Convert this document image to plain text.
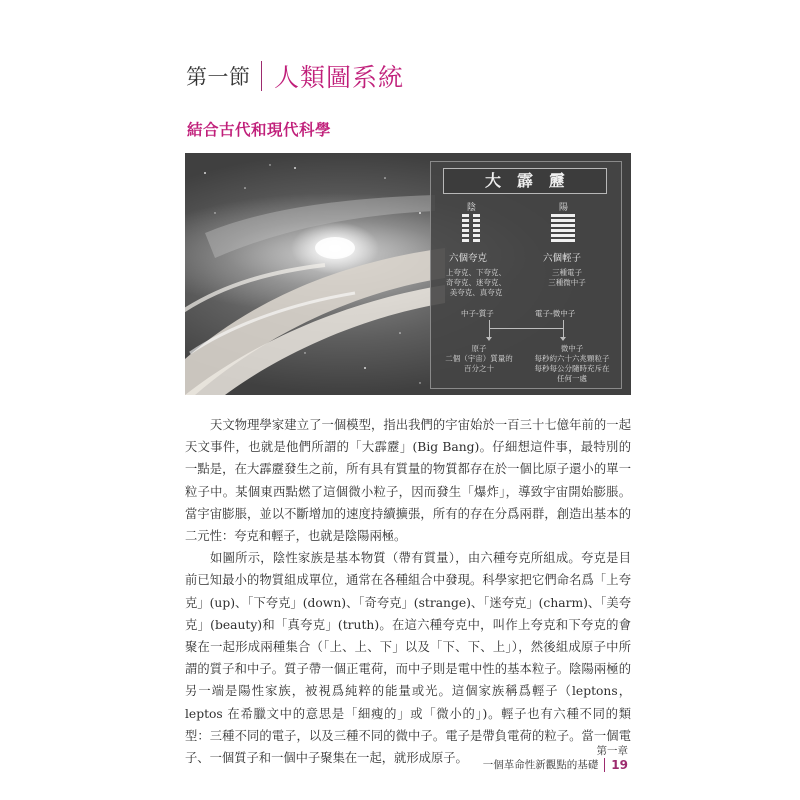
第一節 人類圖系統
結合古代和現代科學
大霹靂
陰
六個夸克
上夸克、下夸克、
奇夸克、迷夸克、
美夸克、真夸克
中子-質子
陽
六個輕子
三種電子
三種微中子
電子-微中子
原子
二個（宇宙）質量的
百分之十
微中子
每秒約六十六兆顆粒子
每秒每公分隨時充斥在
任何一處

天文物理學家建立了一個模型，指出我們的宇宙始於一百三十七億年前的一起天文事件，也就是他們所謂的「大霹靂」(Big Bang)。仔細想這件事，最特別的一點是，在大霹靂發生之前，所有具有質量的物質都存在於一個比原子還小的單一粒子中。某個東西點燃了這個微小粒子，因而發生「爆炸」，導致宇宙開始膨脹。當宇宙膨脹，並以不斷增加的速度持續擴張，所有的存在分爲兩群，創造出基本的二元性：夸克和輕子，也就是陰陽兩極。

如圖所示，陰性家族是基本物質（帶有質量），由六種夸克所組成。夸克是目前已知最小的物質組成單位，通常在各種組合中發現。科學家把它們命名爲「上夸克」(up)、「下夸克」(down)、「奇夸克」(strange)、「迷夸克」(charm)、「美夸克」(beauty)和「真夸克」(truth)。在這六種夸克中，叫作上夸克和下夸克的會聚在一起形成兩種集合（「上、上、下」以及「下、下、上」），然後組成原子中所謂的質子和中子。質子帶一個正電荷，而中子則是電中性的基本粒子。陰陽兩極的另一端是陽性家族，被視爲純粹的能量或光。這個家族稱爲輕子（leptons，leptos 在希臘文中的意思是「細瘦的」或「微小的」)。輕子也有六種不同的類型：三種不同的電子，以及三種不同的微中子。電子是帶負電荷的粒子。當一個電子、一個質子和一個中子聚集在一起，就形成原子。

第一章
一個革命性新觀點的基礎 19
